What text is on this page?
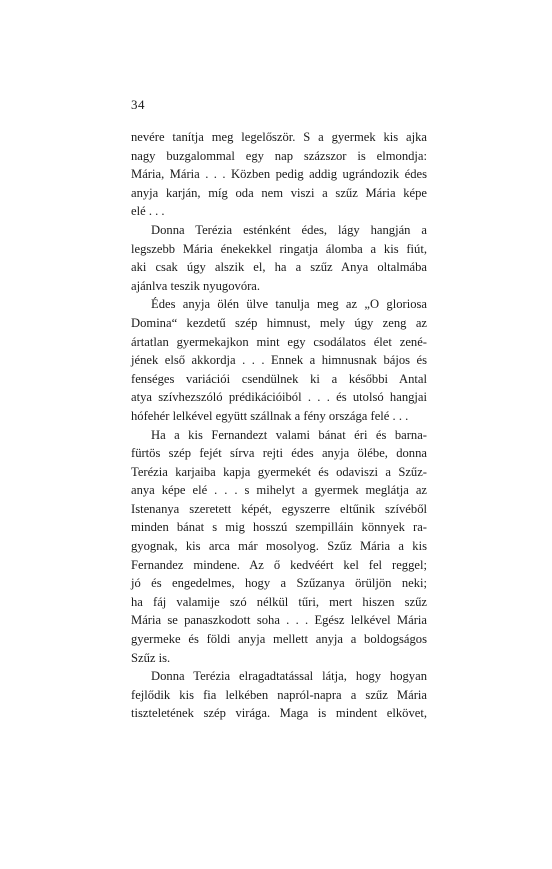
34
nevére tanítja meg legelőször. S a gyermek kis ajka
nagy buzgalommal egy nap százszor is elmondja:
Mária, Mária . . . Közben pedig addig ugrándozik édes
anyja karján, míg oda nem viszi a szűz Mária képe
elé . . .
Donna Terézia esténként édes, lágy hangján a
legszebb Mária énekekkel ringatja álomba a kis fiút,
aki csak úgy alszik el, ha a szűz Anya oltalmába
ajánlva teszik nyugovóra.
Édes anyja ölén ülve tanulja meg az „O gloriosa
Domina“ kezdetű szép himnust, mely úgy zeng az
ártatlan gyermekajkon mint egy csodálatos élet zené-
jének első akkordja . . . Ennek a himnusnak bájos és
fenséges variációi csendülnek ki a későbbi Antal
atya szívhezszóló prédikációiból . . . és utolsó hangjai
hófehér lelkével együtt szállnak a fény országa felé . . .
Ha a kis Fernandezt valami bánat éri és barna-
fürtös szép fejét sírva rejti édes anyja ölébe, donna
Terézia karjaiba kapja gyermekét és odaviszi a Szűz-
anya képe elé . . . s mihelyt a gyermek meglátja az
Istenanya szeretett képét, egyszerre eltűnik szívéből
minden bánat s mig hosszú szempilláin könnyek ra-
gyognak, kis arca már mosolyog. Szűz Mária a kis
Fernandez mindene. Az ő kedvéért kel fel reggel;
jó és engedelmes, hogy a Szűzanya örüljön neki;
ha fáj valamije szó nélkül tűri, mert hiszen szűz
Mária se panaszkodott soha . . . Egész lelkével Mária
gyermeke és földi anyja mellett anyja a boldogságos
Szűz is.
Donna Terézia elragadtatással látja, hogy hogyan
fejlődik kis fia lelkében napról-napra a szűz Mária
tiszteletének szép virága. Maga is mindent elkövet,
